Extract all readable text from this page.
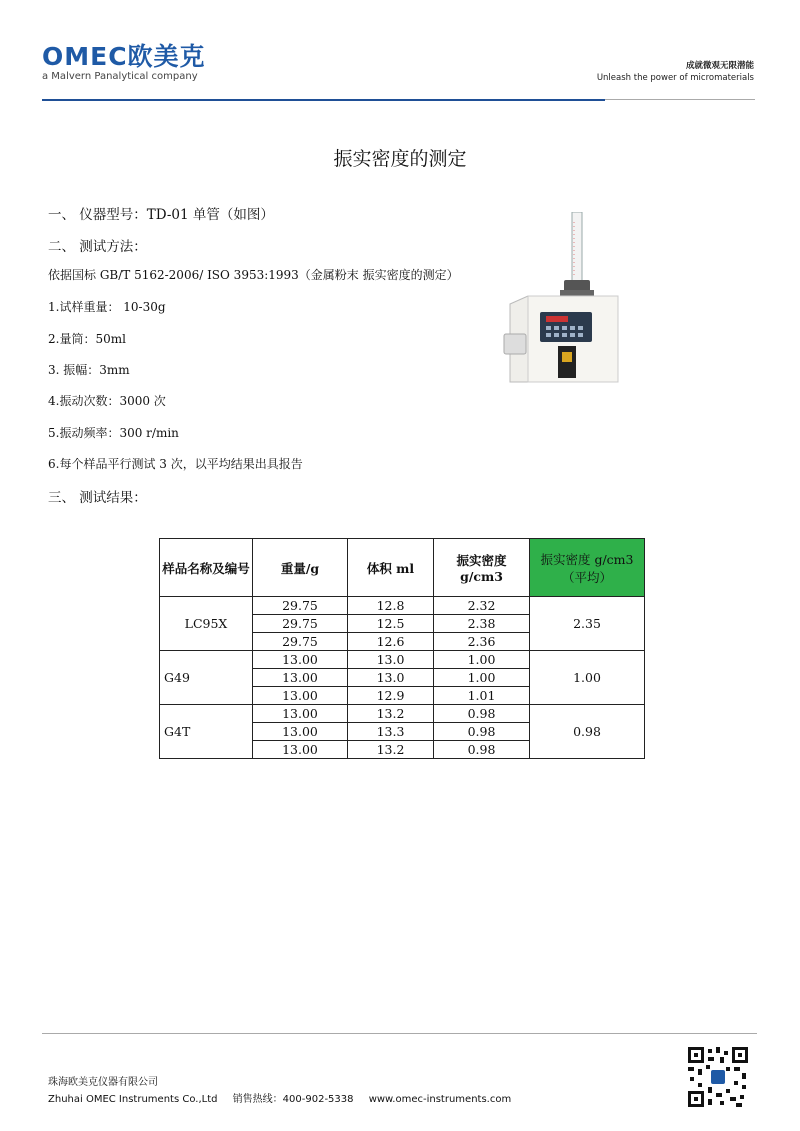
OMEC欧美克
a Malvern Panalytical company
成就微观无限潜能
Unleash the power of micromaterials
振实密度的测定
一、 仪器型号：TD-01 单管（如图）
二、 测试方法：
依据国标 GB/T 5162-2006/ ISO 3953:1993（金属粉末 振实密度的测定）
1.试样重量： 10-30g
2.量筒：50ml
3. 振幅：3mm
4.振动次数：3000 次
5.振动频率：300 r/min
6.每个样品平行测试 3 次，以平均结果出具报告
三、 测试结果：
样品名称及编号	重量/g	体积 ml	振实密度 g/cm3	振实密度 g/cm3（平均）
LC95X	29.75	12.8	2.32	2.35
	29.75	12.5	2.38	
	29.75	12.6	2.36	
G49	13.00	13.0	1.00	1.00
	13.00	13.0	1.00	
	13.00	12.9	1.01	
G4T	13.00	13.2	0.98	0.98
	13.00	13.3	0.98	
	13.00	13.2	0.98	
珠海欧美克仪器有限公司
Zhuhai OMEC Instruments Co.,Ltd 销售热线：400-902-5338 www.omec-instruments.com
